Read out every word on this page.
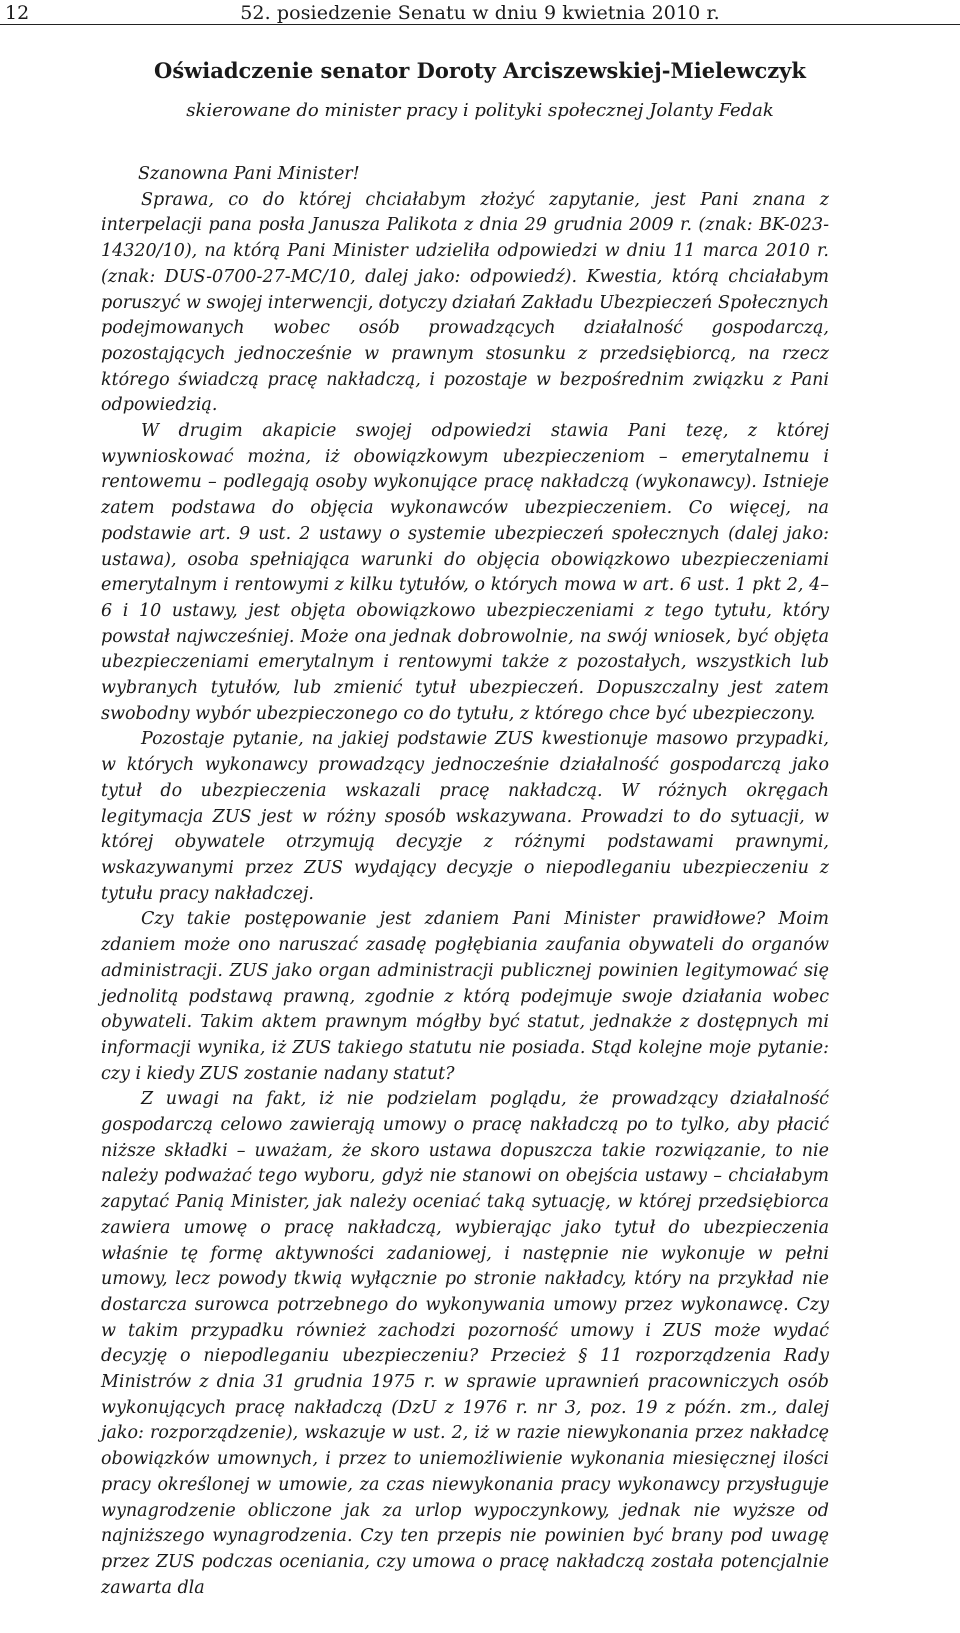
12	52. posiedzenie Senatu w dniu 9 kwietnia 2010 r.
Oświadczenie senator Doroty Arciszewskiej-Mielewczyk
skierowane do minister pracy i polityki społecznej Jolanty Fedak

Szanowna Pani Minister!

Sprawa, co do której chciałabym złożyć zapytanie, jest Pani znana z interpelacji pana posła Janusza Palikota z dnia 29 grudnia 2009 r. (znak: BK-023-14320/10), na którą Pani Minister udzieliła odpowiedzi w dniu 11 marca 2010 r. (znak: DUS-0700-27-MC/10, dalej jako: odpowiedź). Kwestia, którą chciałabym poruszyć w swojej interwencji, dotyczy działań Zakładu Ubezpieczeń Społecznych podejmowanych wobec osób prowadzących działalność gospodarczą, pozostających jednocześnie w prawnym stosunku z przedsiębiorcą, na rzecz którego świadczą pracę nakładczą, i pozostaje w bezpośrednim związku z Pani odpowiedzią.

W drugim akapicie swojej odpowiedzi stawia Pani tezę, z której wywnioskować można, iż obowiązkowym ubezpieczeniom – emerytalnemu i rentowemu – podlegają osoby wykonujące pracę nakładczą (wykonawcy). Istnieje zatem podstawa do objęcia wykonawców ubezpieczeniem. Co więcej, na podstawie art. 9 ust. 2 ustawy o systemie ubezpieczeń społecznych (dalej jako: ustawa), osoba spełniająca warunki do objęcia obowiązkowo ubezpieczeniami emerytalnym i rentowymi z kilku tytułów, o których mowa w art. 6 ust. 1 pkt 2, 4–6 i 10 ustawy, jest objęta obowiązkowo ubezpieczeniami z tego tytułu, który powstał najwcześniej. Może ona jednak dobrowolnie, na swój wniosek, być objęta ubezpieczeniami emerytalnym i rentowymi także z pozostałych, wszystkich lub wybranych tytułów, lub zmienić tytuł ubezpieczeń. Dopuszczalny jest zatem swobodny wybór ubezpieczonego co do tytułu, z którego chce być ubezpieczony.

Pozostaje pytanie, na jakiej podstawie ZUS kwestionuje masowo przypadki, w których wykonawcy prowadzący jednocześnie działalność gospodarczą jako tytuł do ubezpieczenia wskazali pracę nakładczą. W różnych okręgach legitymacja ZUS jest w różny sposób wskazywana. Prowadzi to do sytuacji, w której obywatele otrzymują decyzje z różnymi podstawami prawnymi, wskazywanymi przez ZUS wydający decyzje o niepodleganiu ubezpieczeniu z tytułu pracy nakładczej.

Czy takie postępowanie jest zdaniem Pani Minister prawidłowe? Moim zdaniem może ono naruszać zasadę pogłębiania zaufania obywateli do organów administracji. ZUS jako organ administracji publicznej powinien legitymować się jednolitą podstawą prawną, zgodnie z którą podejmuje swoje działania wobec obywateli. Takim aktem prawnym mógłby być statut, jednakże z dostępnych mi informacji wynika, iż ZUS takiego statutu nie posiada. Stąd kolejne moje pytanie: czy i kiedy ZUS zostanie nadany statut?

Z uwagi na fakt, iż nie podzielam poglądu, że prowadzący działalność gospodarczą celowo zawierają umowy o pracę nakładczą po to tylko, aby płacić niższe składki – uważam, że skoro ustawa dopuszcza takie rozwiązanie, to nie należy podważać tego wyboru, gdyż nie stanowi on obejścia ustawy – chciałabym zapytać Panią Minister, jak należy oceniać taką sytuację, w której przedsiębiorca zawiera umowę o pracę nakładczą, wybierając jako tytuł do ubezpieczenia właśnie tę formę aktywności zadaniowej, i następnie nie wykonuje w pełni umowy, lecz powody tkwią wyłącznie po stronie nakładcy, który na przykład nie dostarcza surowca potrzebnego do wykonywania umowy przez wykonawcę. Czy w takim przypadku również zachodzi pozorność umowy i ZUS może wydać decyzję o niepodleganiu ubezpieczeniu? Przecież § 11 rozporządzenia Rady Ministrów z dnia 31 grudnia 1975 r. w sprawie uprawnień pracowniczych osób wykonujących pracę nakładczą (DzU z 1976 r. nr 3, poz. 19 z późn. zm., dalej jako: rozporządzenie), wskazuje w ust. 2, iż w razie niewykonania przez nakładcę obowiązków umownych, i przez to uniemożliwienie wykonania miesięcznej ilości pracy określonej w umowie, za czas niewykonania pracy wykonawcy przysługuje wynagrodzenie obliczone jak za urlop wypoczynkowy, jednak nie wyższe od najniższego wynagrodzenia. Czy ten przepis nie powinien być brany pod uwagę przez ZUS podczas oceniania, czy umowa o pracę nakładczą została potencjalnie zawarta dla
